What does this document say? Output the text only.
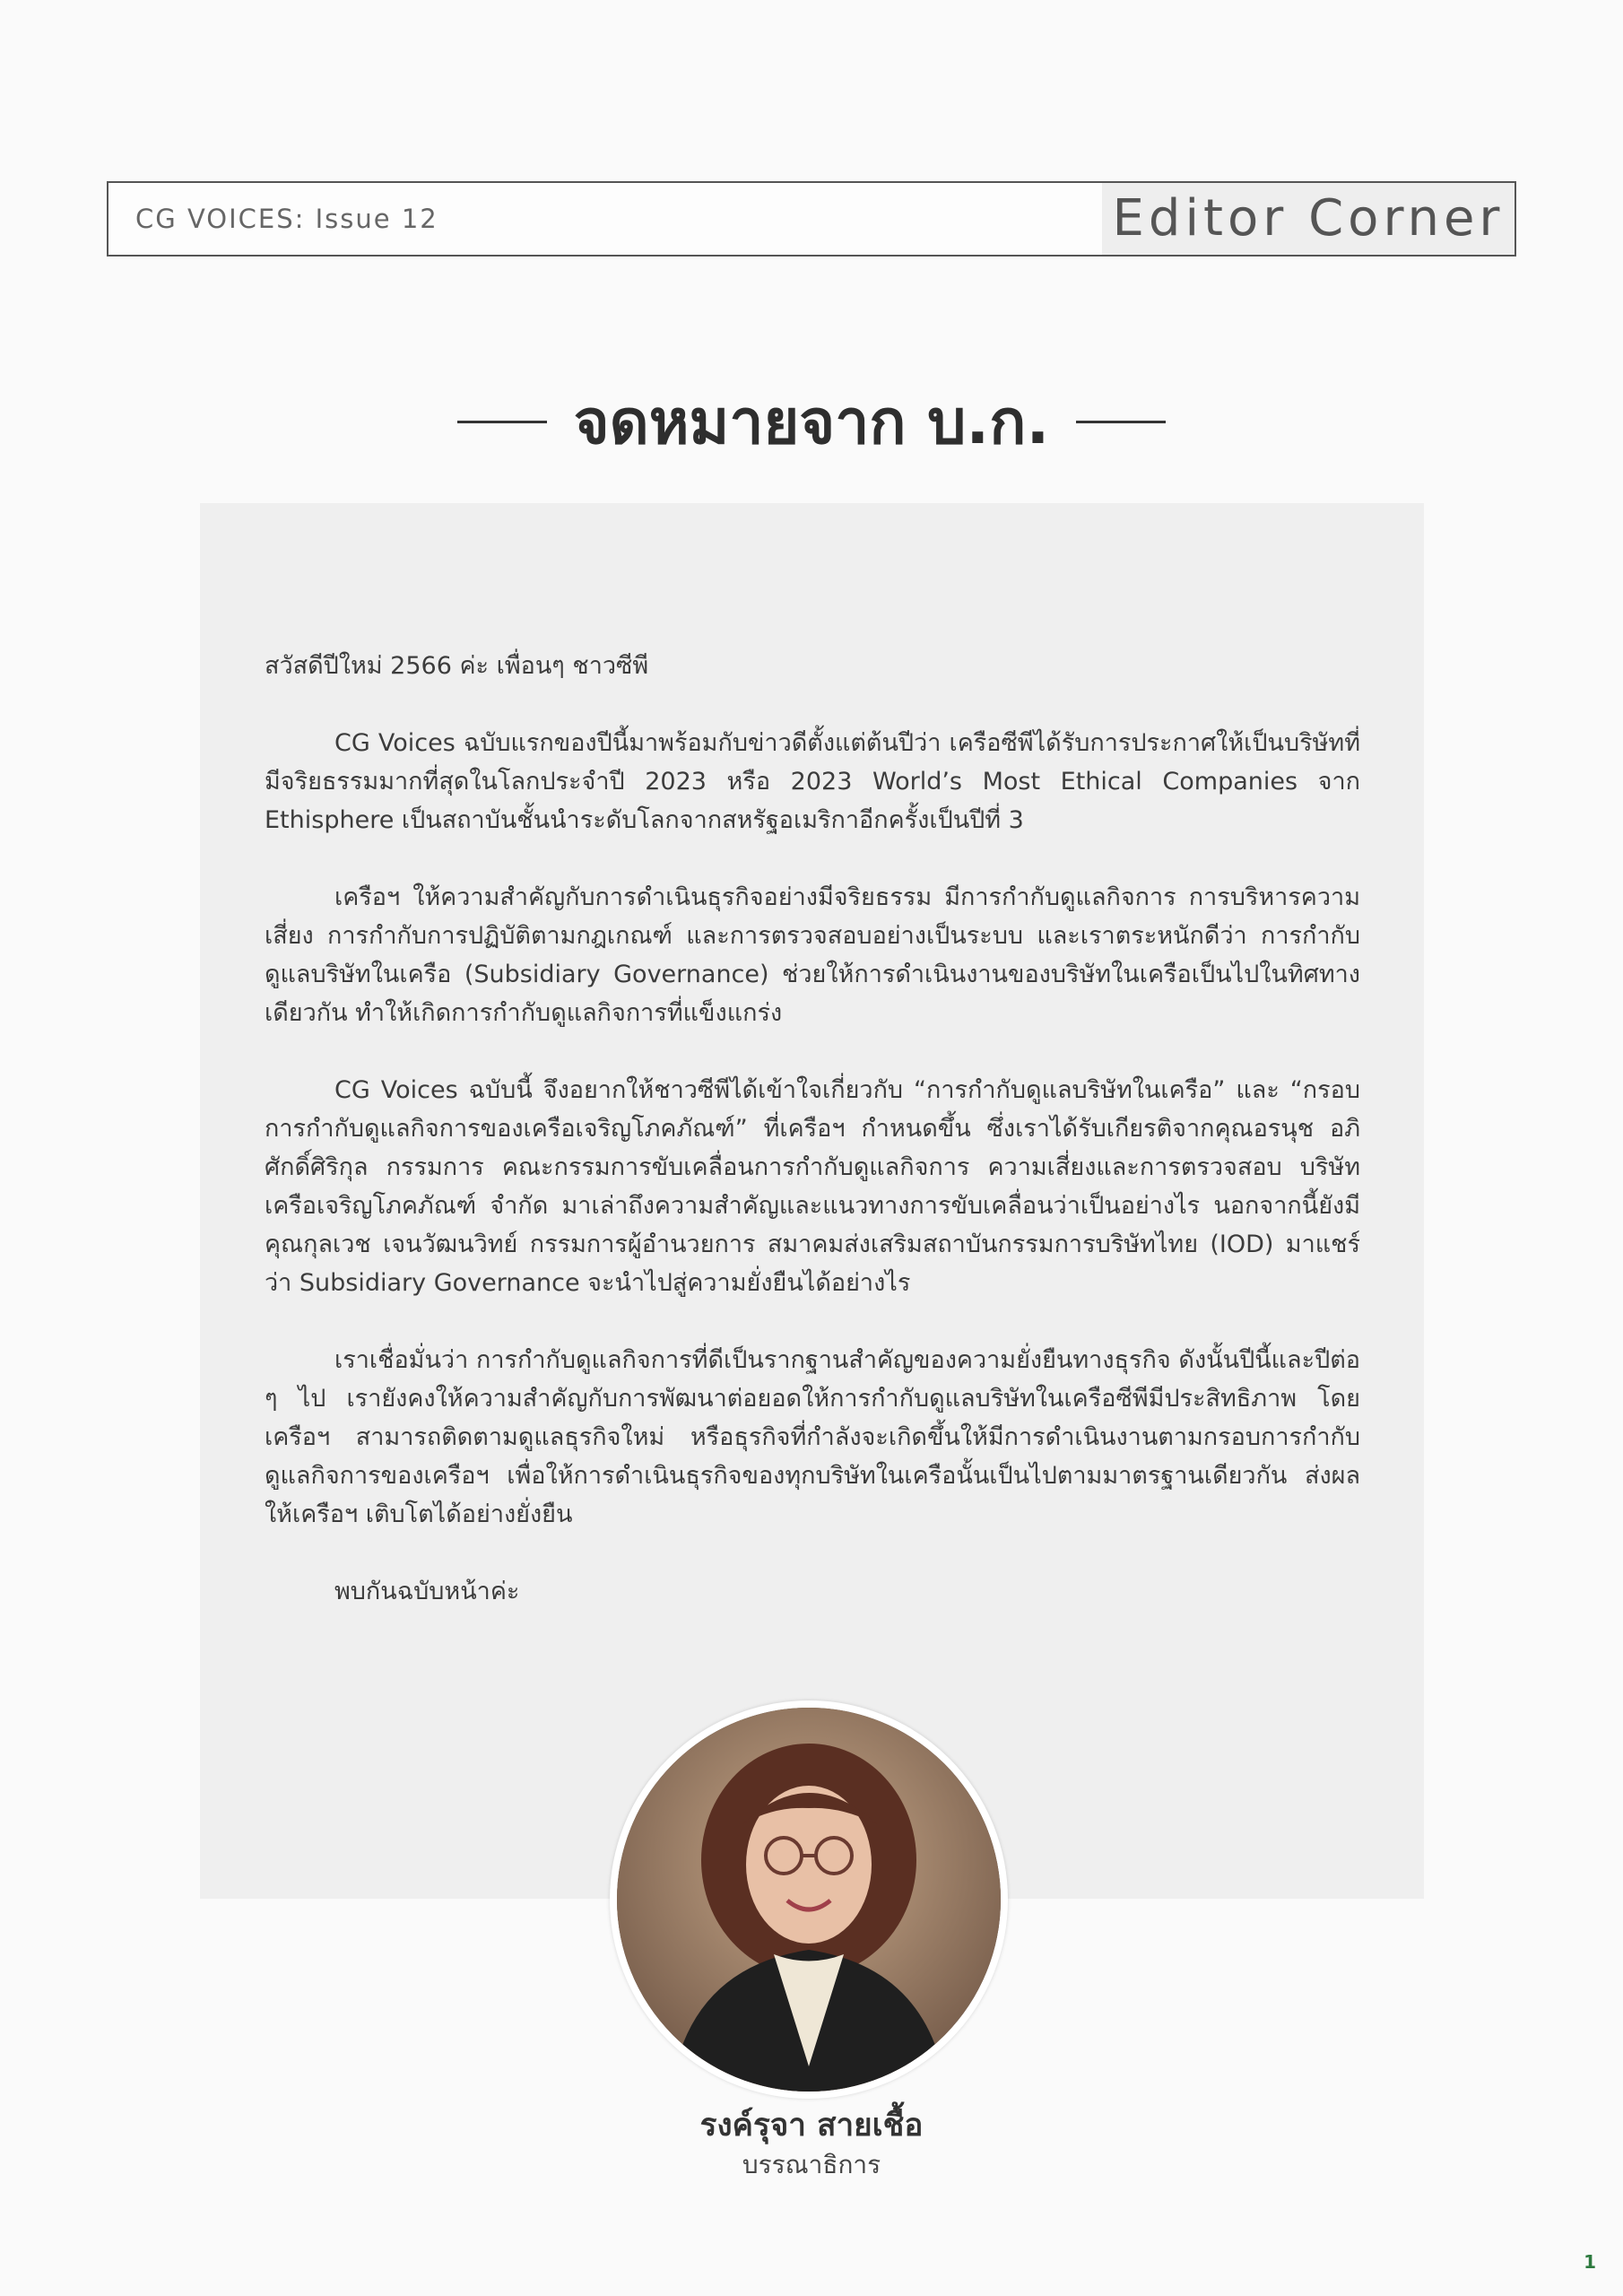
CG VOICES: Issue 12	Editor Corner
จดหมายจาก บ.ก.

สวัสดีปีใหม่ 2566 ค่ะ เพื่อนๆ ชาวซีพี

CG Voices ฉบับแรกของปีนี้มาพร้อมกับข่าวดีตั้งแต่ต้นปีว่า เครือซีพีได้รับการประกาศให้เป็นบริษัทที่มีจริยธรรมมากที่สุดในโลกประจำปี 2023 หรือ 2023 World’s Most Ethical Companies จาก Ethisphere เป็นสถาบันชั้นนำระดับโลกจากสหรัฐอเมริกาอีกครั้งเป็นปีที่ 3

เครือฯ ให้ความสำคัญกับการดำเนินธุรกิจอย่างมีจริยธรรม มีการกำกับดูแลกิจการ การบริหารความเสี่ยง การกำกับการปฏิบัติตามกฎเกณฑ์ และการตรวจสอบอย่างเป็นระบบ และเราตระหนักดีว่า การกำกับดูแลบริษัทในเครือ (Subsidiary Governance) ช่วยให้การดำเนินงานของบริษัทในเครือเป็นไปในทิศทางเดียวกัน ทำให้เกิดการกำกับดูแลกิจการที่แข็งแกร่ง

CG Voices ฉบับนี้ จึงอยากให้ชาวซีพีได้เข้าใจเกี่ยวกับ “การกำกับดูแลบริษัทในเครือ” และ “กรอบการกำกับดูแลกิจการของเครือเจริญโภคภัณฑ์” ที่เครือฯ กำหนดขึ้น ซึ่งเราได้รับเกียรติจากคุณอรนุช อภิศักดิ์ศิริกุล กรรมการ คณะกรรมการขับเคลื่อนการกำกับดูแลกิจการ ความเสี่ยงและการตรวจสอบ บริษัท เครือเจริญโภคภัณฑ์ จำกัด มาเล่าถึงความสำคัญและแนวทางการขับเคลื่อนว่าเป็นอย่างไร นอกจากนี้ยังมีคุณกุลเวช เจนวัฒนวิทย์ กรรมการผู้อำนวยการ สมาคมส่งเสริมสถาบันกรรมการบริษัทไทย (IOD) มาแชร์ว่า Subsidiary Governance จะนำไปสู่ความยั่งยืนได้อย่างไร

เราเชื่อมั่นว่า การกำกับดูแลกิจการที่ดีเป็นรากฐานสำคัญของความยั่งยืนทางธุรกิจ ดังนั้นปีนี้และปีต่อ ๆ ไป เรายังคงให้ความสำคัญกับการพัฒนาต่อยอดให้การกำกับดูแลบริษัทในเครือซีพีมีประสิทธิภาพ โดยเครือฯ สามารถติดตามดูแลธุรกิจใหม่ หรือธุรกิจที่กำลังจะเกิดขึ้นให้มีการดำเนินงานตามกรอบการกำกับดูแลกิจการของเครือฯ เพื่อให้การดำเนินธุรกิจของทุกบริษัทในเครือนั้นเป็นไปตามมาตรฐานเดียวกัน ส่งผลให้เครือฯ เติบโตได้อย่างยั่งยืน

พบกันฉบับหน้าค่ะ

รงค์รุจา สายเชื้อ
บรรณาธิการ
1
